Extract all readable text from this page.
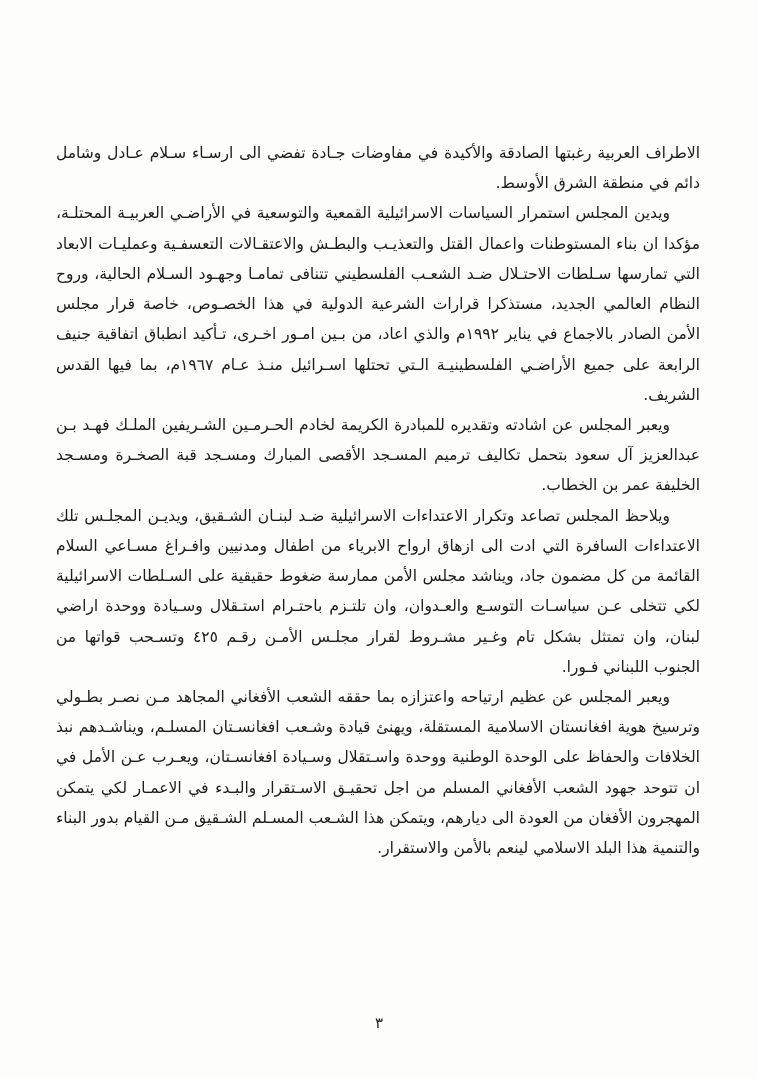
الاطراف العربية رغبتها الصادقة والأكيدة في مفاوضات جـادة تفضي الى ارسـاء سـلام عـادل وشامل دائم في منطقة الشرق الأوسط.

ويدين المجلس استمرار السياسات الاسرائيلية القمعية والتوسعية في الأراضـي العربيـة المحتلـة، مؤكدا ان بناء المستوطنات واعمال القتل والتعذيـب والبطـش والاعتقـالات التعسفـية وعمليـات الابعاد التي تمارسها سـلطات الاحتـلال ضـد الشعـب الفلسطيني تتنافى تمامـا وجهـود السـلام الحالية، وروح النظام العالمي الجديد، مستذكرا قرارات الشرعية الدولية في هذا الخصـوص، خاصة قرار مجلس الأمن الصادر بالاجماع في يناير ١٩٩٢م والذي اعاد، من بـين امـور اخـرى، تـأكيد انطباق اتفاقية جنيف الرابعة على جميع الأراضـي الفلسطينيـة الـتي تحتلها اسـرائيل منـذ عـام ١٩٦٧م، بما فيها القدس الشريف.

ويعبر المجلس عن اشادته وتقديره للمبادرة الكريمة لخادم الحـرمـين الشـريفين الملـك فهـد بـن عبدالعزيز آل سعود بتحمل تكاليف ترميم المسـجد الأقصى المبارك ومسـجد قبة الصخـرة ومسـجد الخليفة عمر بن الخطاب.

ويلاحظ المجلس تصاعد وتكرار الاعتداءات الاسرائيلية ضـد لبنـان الشـقيق، ويديـن المجلـس تلك الاعتداءات السافرة التي ادت الى ازهاق ارواح الابرياء من اطفال ومدنيين وافـراغ مسـاعي السلام القائمة من كل مضمون جاد، ويناشد مجلس الأمن ممارسة ضغوط حقيقية على السـلطات الاسرائيلية لكي تتخلى عـن سياسـات التوسـع والعـدوان، وان تلتـزم باحتـرام استـقلال وسـيادة ووحدة اراضي لبنان، وان تمتثل بشكل تام وغـير مشـروط لقرار مجلـس الأمـن رقـم ٤٢٥ وتسـحب قواتها من الجنوب اللبناني فـورا.

ويعبر المجلس عن عظيم ارتياحه واعتزازه بما حققه الشعب الأفغاني المجاهد مـن نصـر بطـولي وترسيخ هوية افغانستان الاسلامية المستقلة، ويهنئ قيادة وشـعب افغانسـتان المسلـم، ويناشـدهم نبذ الخلافات والحفاظ على الوحدة الوطنية ووحدة واسـتقلال وسـيادة افغانسـتان، ويعـرب عـن الأمل في ان تتوحد جهود الشعب الأفغاني المسلم من اجل تحقيـق الاسـتقرار والبـدء في الاعمـار لكي يتمكن المهجرون الأفغان من العودة الى ديارهم، ويتمكن هذا الشـعب المسـلم الشـقيق مـن القيام بدور البناء والتنمية هذا البلد الاسلامي لينعم بالأمن والاستقرار.

٣
